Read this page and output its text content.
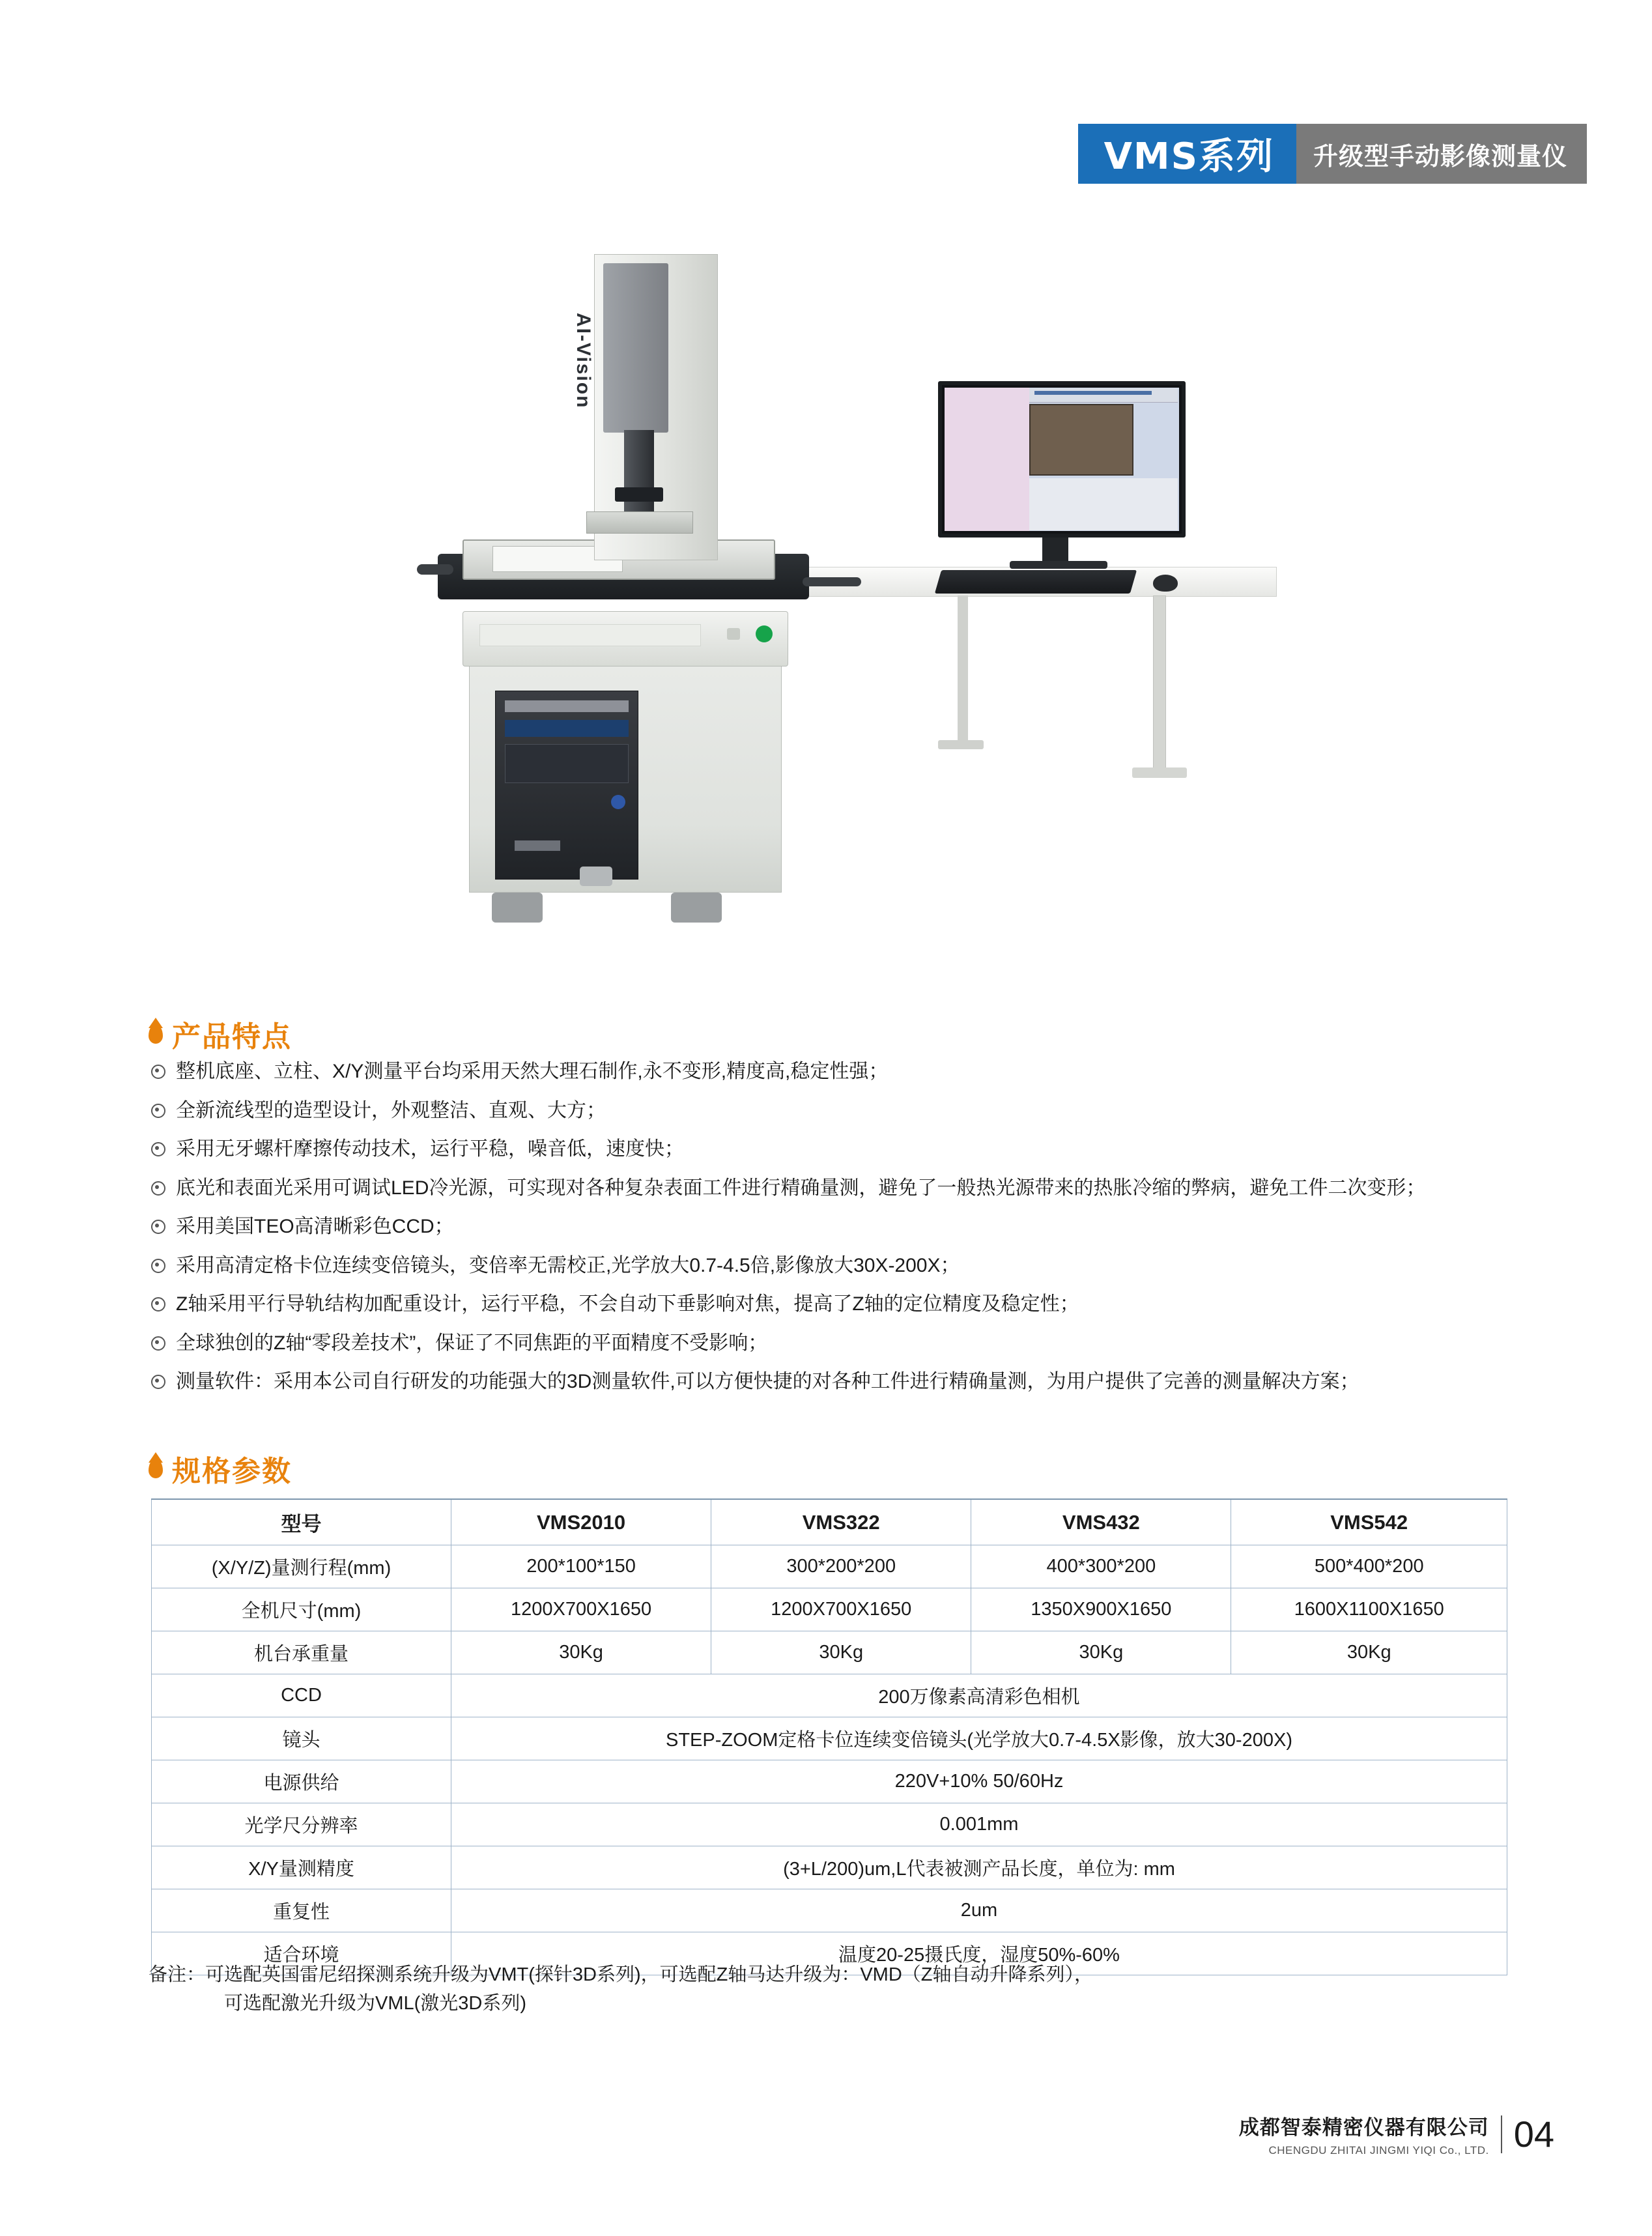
VMS系列	升级型手动影像测量仪
AI-Vision
产品特点
整机底座、立柱、X/Y测量平台均采用天然大理石制作,永不变形,精度高,稳定性强；
全新流线型的造型设计，外观整洁、直观、大方；
采用无牙螺杆摩擦传动技术，运行平稳，噪音低，速度快；
底光和表面光采用可调试LED冷光源，可实现对各种复杂表面工件进行精确量测，避免了一般热光源带来的热胀冷缩的弊病，避免工件二次变形；
采用美国TEO高清晰彩色CCD；
采用高清定格卡位连续变倍镜头，变倍率无需校正,光学放大0.7-4.5倍,影像放大30X-200X；
Z轴采用平行导轨结构加配重设计，运行平稳，不会自动下垂影响对焦，提高了Z轴的定位精度及稳定性；
全球独创的Z轴“零段差技术”，保证了不同焦距的平面精度不受影响；
测量软件：采用本公司自行研发的功能强大的3D测量软件,可以方便快捷的对各种工件进行精确量测，为用户提供了完善的测量解决方案；
规格参数
型号	VMS2010	VMS322	VMS432	VMS542
(X/Y/Z)量测行程(mm)	200*100*150	300*200*200	400*300*200	500*400*200
全机尺寸(mm)	1200X700X1650	1200X700X1650	1350X900X1650	1600X1100X1650
机台承重量	30Kg	30Kg	30Kg	30Kg
CCD	200万像素高清彩色相机			
镜头	STEP-ZOOM定格卡位连续变倍镜头(光学放大0.7-4.5X影像，放大30-200X)			
电源供给	220V+10% 50/60Hz			
光学尺分辨率	0.001mm			
X/Y量测精度	(3+L/200)um,L代表被测产品长度，单位为: mm			
重复性	2um			
适合环境	温度20-25摄氏度，湿度50%-60%			
备注：可选配英国雷尼绍探测系统升级为VMT(探针3D系列)，可选配Z轴马达升级为：VMD（Z轴自动升降系列），
可选配激光升级为VML(激光3D系列)
成都智泰精密仪器有限公司
CHENGDU ZHITAI JINGMI YIQI Co., LTD. 04
